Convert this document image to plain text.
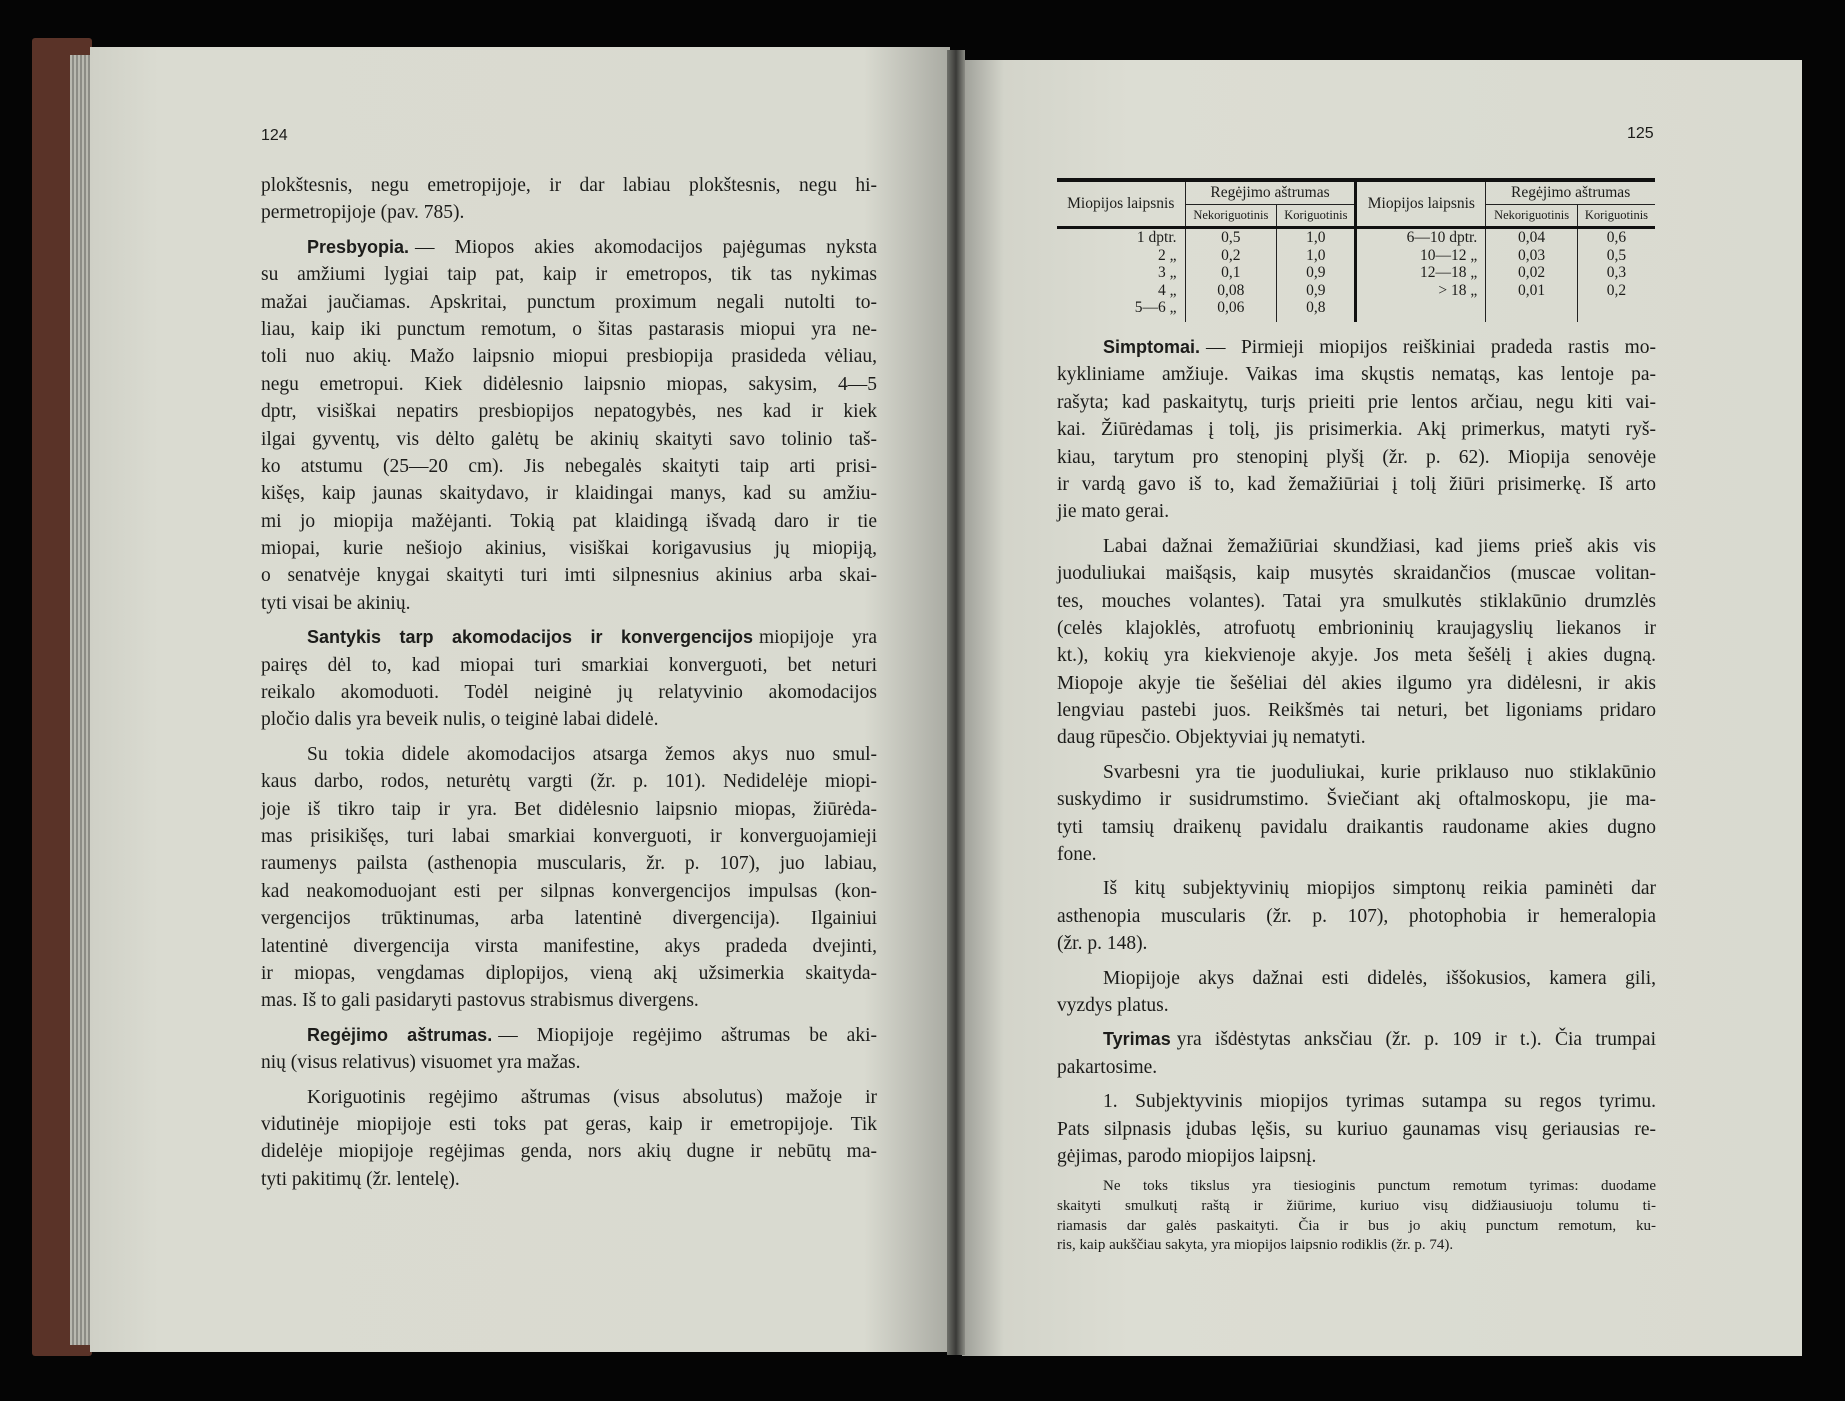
124	125
plokštesnis, negu emetropijoje, ir dar labiau plokštesnis, negu hi-
permetropijoje (pav. 785).
Presbyopia. — Miopos akies akomodacijos pajėgumas nyksta
su amžiumi lygiai taip pat, kaip ir emetropos, tik tas nykimas
mažai jaučiamas. Apskritai, punctum proximum negali nutolti to-
liau, kaip iki punctum remotum, o šitas pastarasis miopui yra ne-
toli nuo akių. Mažo laipsnio miopui presbiopija prasideda vėliau,
negu emetropui. Kiek didėlesnio laipsnio miopas, sakysim, 4—5
dptr, visiškai nepatirs presbiopijos nepatogybės, nes kad ir kiek
ilgai gyventų, vis dėlto galėtų be akinių skaityti savo tolinio taš-
ko atstumu (25—20 cm). Jis nebegalės skaityti taip arti prisi-
kišęs, kaip jaunas skaitydavo, ir klaidingai manys, kad su amžiu-
mi jo miopija mažėjanti. Tokią pat klaidingą išvadą daro ir tie
miopai, kurie nešiojo akinius, visiškai korigavusius jų miopiją,
o senatvėje knygai skaityti turi imti silpnesnius akinius arba skai-
tyti visai be akinių.
Santykis tarp akomodacijos ir konvergencijos miopijoje yra
pairęs dėl to, kad miopai turi smarkiai konverguoti, bet neturi
reikalo akomoduoti. Todėl neiginė jų relatyvinio akomodacijos
pločio dalis yra beveik nulis, o teiginė labai didelė.
Su tokia didele akomodacijos atsarga žemos akys nuo smul-
kaus darbo, rodos, neturėtų vargti (žr. p. 101). Nedidelėje miopi-
joje iš tikro taip ir yra. Bet didėlesnio laipsnio miopas, žiūrėda-
mas prisikišęs, turi labai smarkiai konverguoti, ir konverguojamieji
raumenys pailsta (asthenopia muscularis, žr. p. 107), juo labiau,
kad neakomoduojant esti per silpnas konvergencijos impulsas (kon-
vergencijos trūktinumas, arba latentinė divergencija). Ilgainiui
latentinė divergencija virsta manifestine, akys pradeda dvejinti,
ir miopas, vengdamas diplopijos, vieną akį užsimerkia skaityda-
mas. Iš to gali pasidaryti pastovus strabismus divergens.
Regėjimo aštrumas. — Miopijoje regėjimo aštrumas be aki-
nių (visus relativus) visuomet yra mažas.
Koriguotinis regėjimo aštrumas (visus absolutus) mažoje ir
vidutinėje miopijoje esti toks pat geras, kaip ir emetropijoje. Tik
didelėje miopijoje regėjimas genda, nors akių dugne ir nebūtų ma-
tyti pakitimų (žr. lentelę).
Miopijos laipsnis	Regėjimo aštrumas		Miopijos laipsnis	Regėjimo aštrumas	
	Nekoriguotinis	Koriguotinis		Nekoriguotinis	Koriguotinis
1 dptr.	0,5	1,0	6—10 dptr.	0,04	0,6
2 „	0,2	1,0	10—12 „	0,03	0,5
3 „	0,1	0,9	12—18 „	0,02	0,3
4 „	0,08	0,9	> 18 „	0,01	0,2
5—6 „	0,06	0,8			
Simptomai. — Pirmieji miopijos reiškiniai pradeda rastis mo-
kykliniame amžiuje. Vaikas ima skųstis nematąs, kas lentoje pa-
rašyta; kad paskaitytų, turįs prieiti prie lentos arčiau, negu kiti vai-
kai. Žiūrėdamas į tolį, jis prisimerkia. Akį primerkus, matyti ryš-
kiau, tarytum pro stenopinį plyšį (žr. p. 62). Miopija senovėje
ir vardą gavo iš to, kad žemažiūriai į tolį žiūri prisimerkę. Iš arto
jie mato gerai.
Labai dažnai žemažiūriai skundžiasi, kad jiems prieš akis vis
juoduliukai maišąsis, kaip musytės skraidančios (muscae volitan-
tes, mouches volantes). Tatai yra smulkutės stiklakūnio drumzlės
(celės klajoklės, atrofuotų embrioninių kraujagyslių liekanos ir
kt.), kokių yra kiekvienoje akyje. Jos meta šešėlį į akies dugną.
Miopoje akyje tie šešėliai dėl akies ilgumo yra didėlesni, ir akis
lengviau pastebi juos. Reikšmės tai neturi, bet ligoniams pridaro
daug rūpesčio. Objektyviai jų nematyti.
Svarbesni yra tie juoduliukai, kurie priklauso nuo stiklakūnio
suskydimo ir susidrumstimo. Šviečiant akį oftalmoskopu, jie ma-
tyti tamsių draikenų pavidalu draikantis raudoname akies dugno
fone.
Iš kitų subjektyvinių miopijos simptonų reikia paminėti dar
asthenopia muscularis (žr. p. 107), photophobia ir hemeralopia
(žr. p. 148).
Miopijoje akys dažnai esti didelės, iššokusios, kamera gili,
vyzdys platus.
Tyrimas yra išdėstytas anksčiau (žr. p. 109 ir t.). Čia trumpai
pakartosime.
1. Subjektyvinis miopijos tyrimas sutampa su regos tyrimu.
Pats silpnasis įdubas lęšis, su kuriuo gaunamas visų geriausias re-
gėjimas, parodo miopijos laipsnį.
Ne toks tikslus yra tiesioginis punctum remotum tyrimas: duodame
skaityti smulkutį raštą ir žiūrime, kuriuo visų didžiausiuoju tolumu ti-
riamasis dar galės paskaityti. Čia ir bus jo akių punctum remotum, ku-
ris, kaip aukščiau sakyta, yra miopijos laipsnio rodiklis (žr. p. 74).
